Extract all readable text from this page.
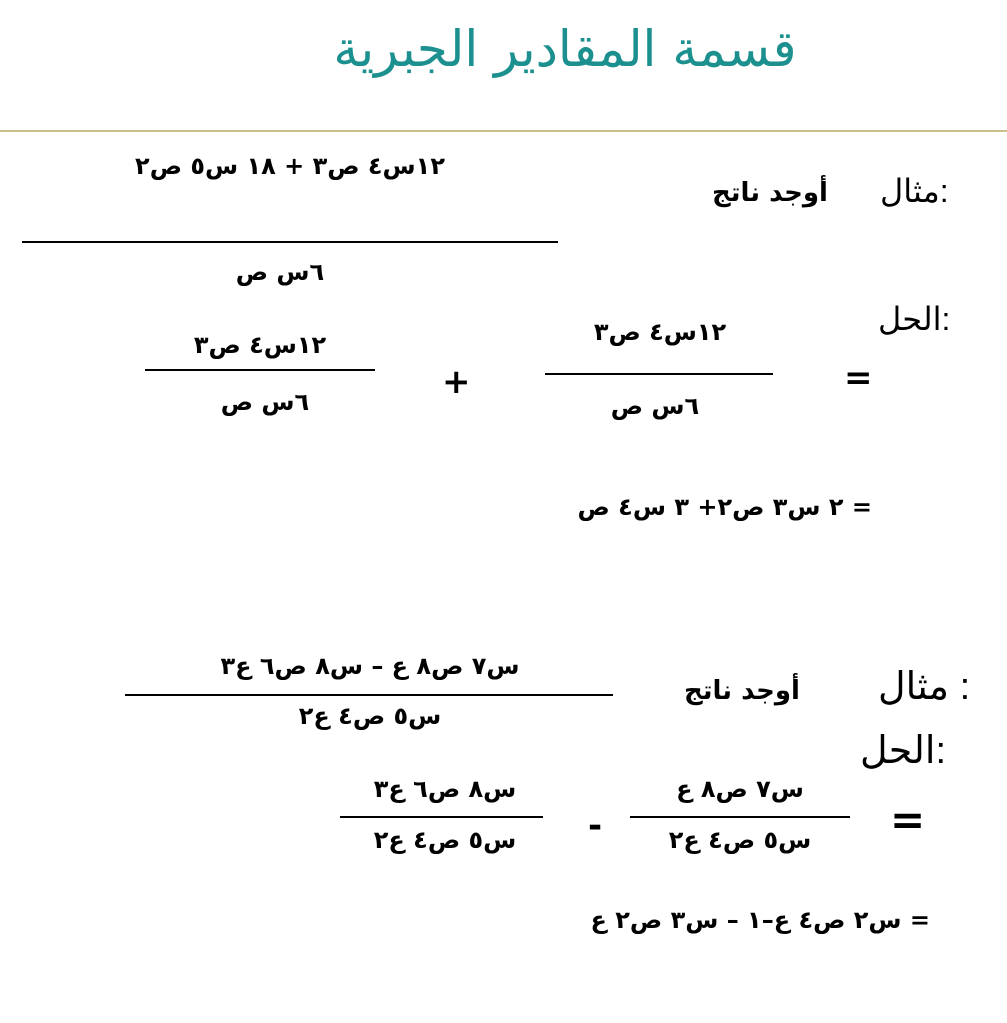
قسمة المقادير الجبرية
مثال:
أوجد ناتج
١٢س٤ ص٣ + ١٨ س٥ ص٢
٦س ص
الحل:
=
١٢س٤ ص٣
٦س ص
+
١٢س٤ ص٣
٦س ص
= ٢ س٣ ص٢+ ٣ س٤ ص
مثال :
أوجد ناتج
س٧ ص٨ ع – س٨ ص٦ ع٣
س٥ ص٤ ع٢
الحل:
=
س٧ ص٨ ع
س٥ ص٤ ع٢
-
س٨ ص٦ ع٣
س٥ ص٤ ع٢
= س٢ ص٤ ع–١ – س٣ ص٢ ع
